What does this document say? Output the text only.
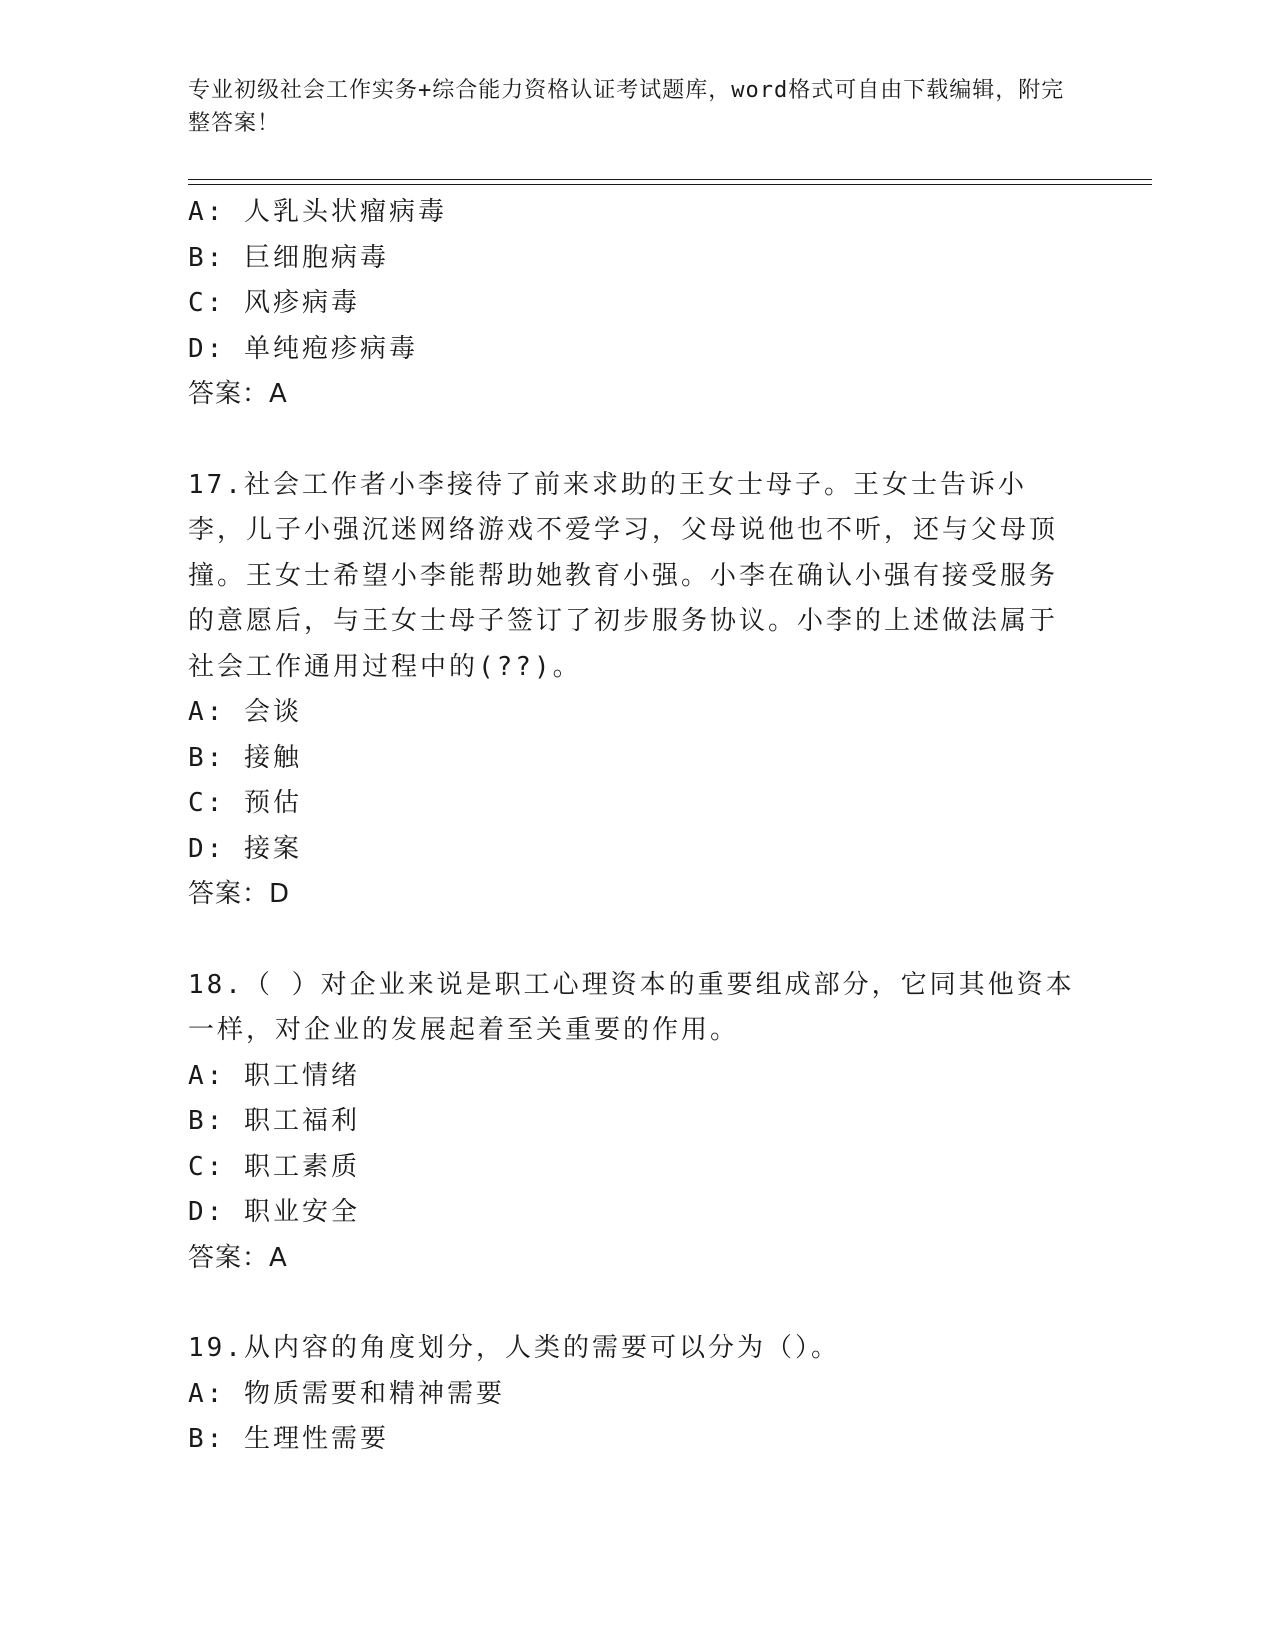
专业初级社会工作实务+综合能力资格认证考试题库，word格式可自由下载编辑，附完整答案！
A: 人乳头状瘤病毒
B: 巨细胞病毒
C: 风疹病毒
D: 单纯疱疹病毒
答案：A
17.社会工作者小李接待了前来求助的王女士母子。王女士告诉小李，儿子小强沉迷网络游戏不爱学习，父母说他也不听，还与父母顶撞。王女士希望小李能帮助她教育小强。小李在确认小强有接受服务的意愿后，与王女士母子签订了初步服务协议。小李的上述做法属于社会工作通用过程中的(??)。
A: 会谈
B: 接触
C: 预估
D: 接案
答案：D
18.（ ）对企业来说是职工心理资本的重要组成部分，它同其他资本一样，对企业的发展起着至关重要的作用。
A: 职工情绪
B: 职工福利
C: 职工素质
D: 职业安全
答案：A
19.从内容的角度划分，人类的需要可以分为（）。
A: 物质需要和精神需要
B: 生理性需要
